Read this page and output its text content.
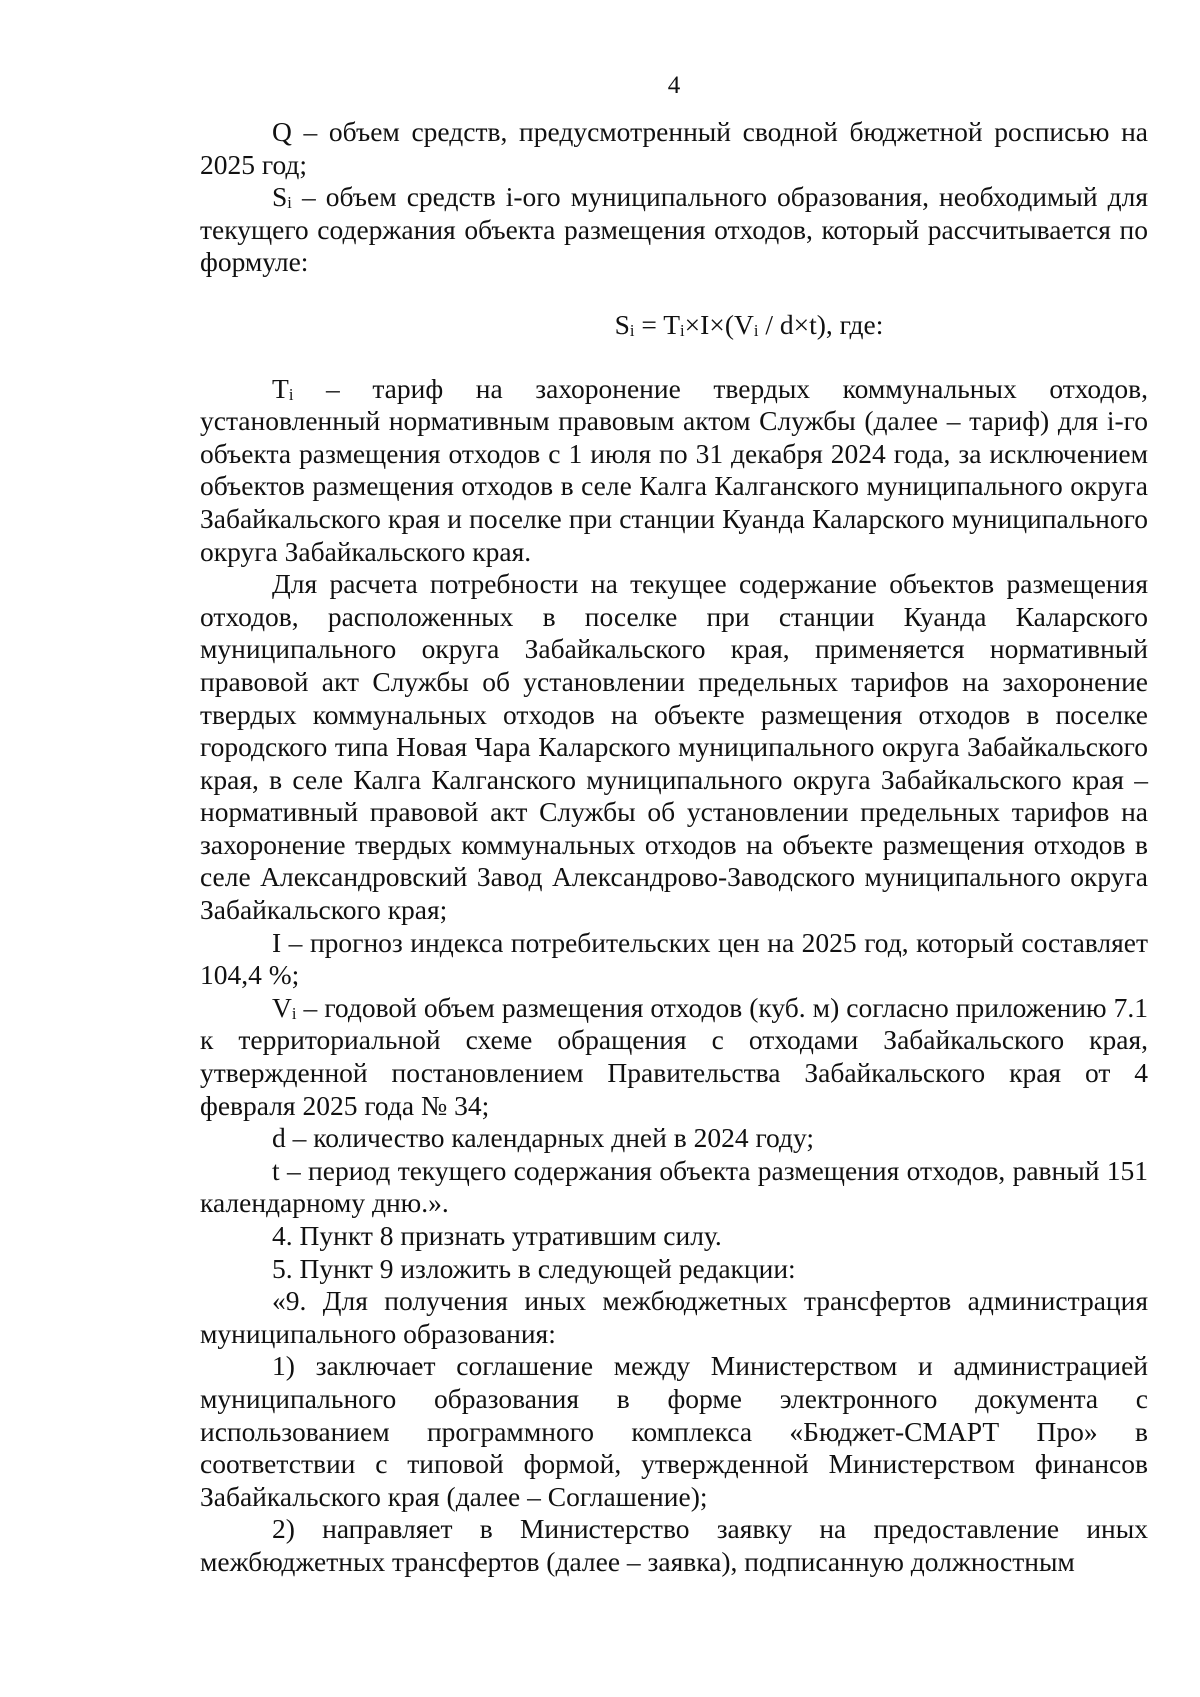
4

Q – объем средств, предусмотренный сводной бюджетной росписью на 2025 год;

$S_i$ – объем средств i-ого муниципального образования, необходимый для текущего содержания объекта размещения отходов, который рассчитывается по формуле:

$S_i = T_i\times I\times(V_i / d\times t)$, где:

$T_i$ – тариф на захоронение твердых коммунальных отходов, установленный нормативным правовым актом Службы (далее – тариф) для i-го объекта размещения отходов с 1 июля по 31 декабря 2024 года, за исключением объектов размещения отходов в селе Калга Калганского муниципального округа Забайкальского края и поселке при станции Куанда Каларского муниципального округа Забайкальского края.

Для расчета потребности на текущее содержание объектов размещения отходов, расположенных в поселке при станции Куанда Каларского муниципального округа Забайкальского края, применяется нормативный правовой акт Службы об установлении предельных тарифов на захоронение твердых коммунальных отходов на объекте размещения отходов в поселке городского типа Новая Чара Каларского муниципального округа Забайкальского края, в селе Калга Калганского муниципального округа Забайкальского края – нормативный правовой акт Службы об установлении предельных тарифов на захоронение твердых коммунальных отходов на объекте размещения отходов в селе Александровский Завод Александрово-Заводского муниципального округа Забайкальского края;

I – прогноз индекса потребительских цен на 2025 год, который составляет 104,4 %;

$V_i$ – годовой объем размещения отходов (куб. м) согласно приложению 7.1 к территориальной схеме обращения с отходами Забайкальского края, утвержденной постановлением Правительства Забайкальского края от 4 февраля 2025 года № 34;

d – количество календарных дней в 2024 году;

t – период текущего содержания объекта размещения отходов, равный 151 календарному дню.».

4. Пункт 8 признать утратившим силу.

5. Пункт 9 изложить в следующей редакции:

«9. Для получения иных межбюджетных трансфертов администрация муниципального образования:

1) заключает соглашение между Министерством и администрацией муниципального образования в форме электронного документа с использованием программного комплекса «Бюджет-СМАРТ Про» в соответствии с типовой формой, утвержденной Министерством финансов Забайкальского края (далее – Соглашение);

2) направляет в Министерство заявку на предоставление иных межбюджетных трансфертов (далее – заявка), подписанную должностным
